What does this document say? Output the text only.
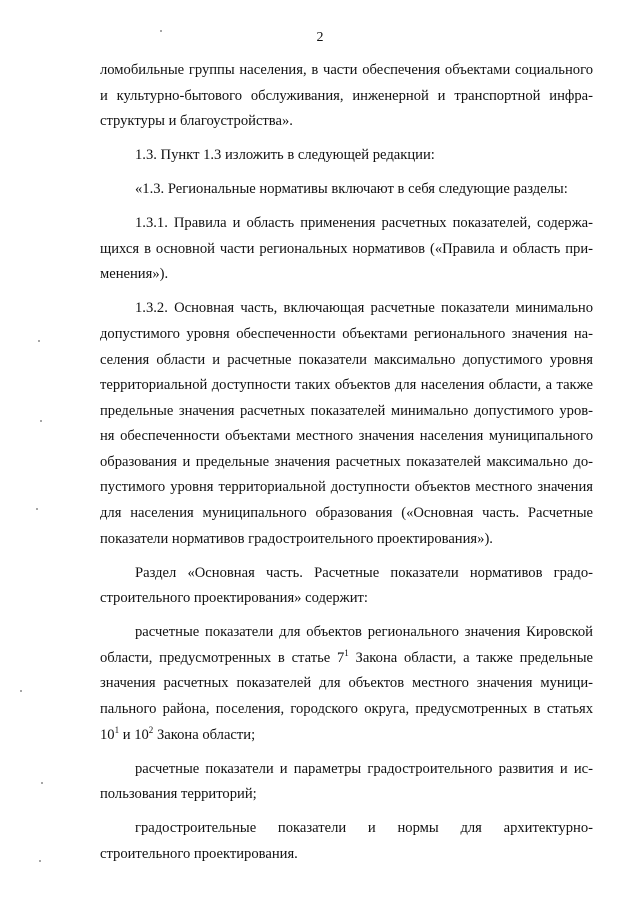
2
ломобильные группы населения, в части обеспечения объектами социального
и культурно-бытового обслуживания, инженерной и транспортной инфра-
структуры и благоустройства».
1.3. Пункт 1.3 изложить в следующей редакции:
«1.3. Региональные нормативы включают в себя следующие разделы:
1.3.1. Правила и область применения расчетных показателей, содержа-
щихся в основной части региональных нормативов («Правила и область при-
менения»).
1.3.2. Основная часть, включающая расчетные показатели минимально
допустимого уровня обеспеченности объектами регионального значения на-
селения области и расчетные показатели максимально допустимого уровня
территориальной доступности таких объектов для населения области, а также
предельные значения расчетных показателей минимально допустимого уров-
ня обеспеченности объектами местного значения населения муниципального
образования и предельные значения расчетных показателей максимально до-
пустимого уровня территориальной доступности объектов местного значения
для населения муниципального образования («Основная часть. Расчетные
показатели нормативов градостроительного проектирования»).
Раздел «Основная часть. Расчетные показатели нормативов градо-
строительного проектирования» содержит:
расчетные показатели для объектов регионального значения Кировской
области, предусмотренных в статье $7^1$ Закона области, а также предельные
значения расчетных показателей для объектов местного значения муници-
пального района, поселения, городского округа, предусмотренных в статьях
$10^1$ и $10^2$ Закона области;
расчетные показатели и параметры градостроительного развития и ис-
пользования территорий;
градостроительные показатели и нормы для архитектурно-
строительного проектирования.
